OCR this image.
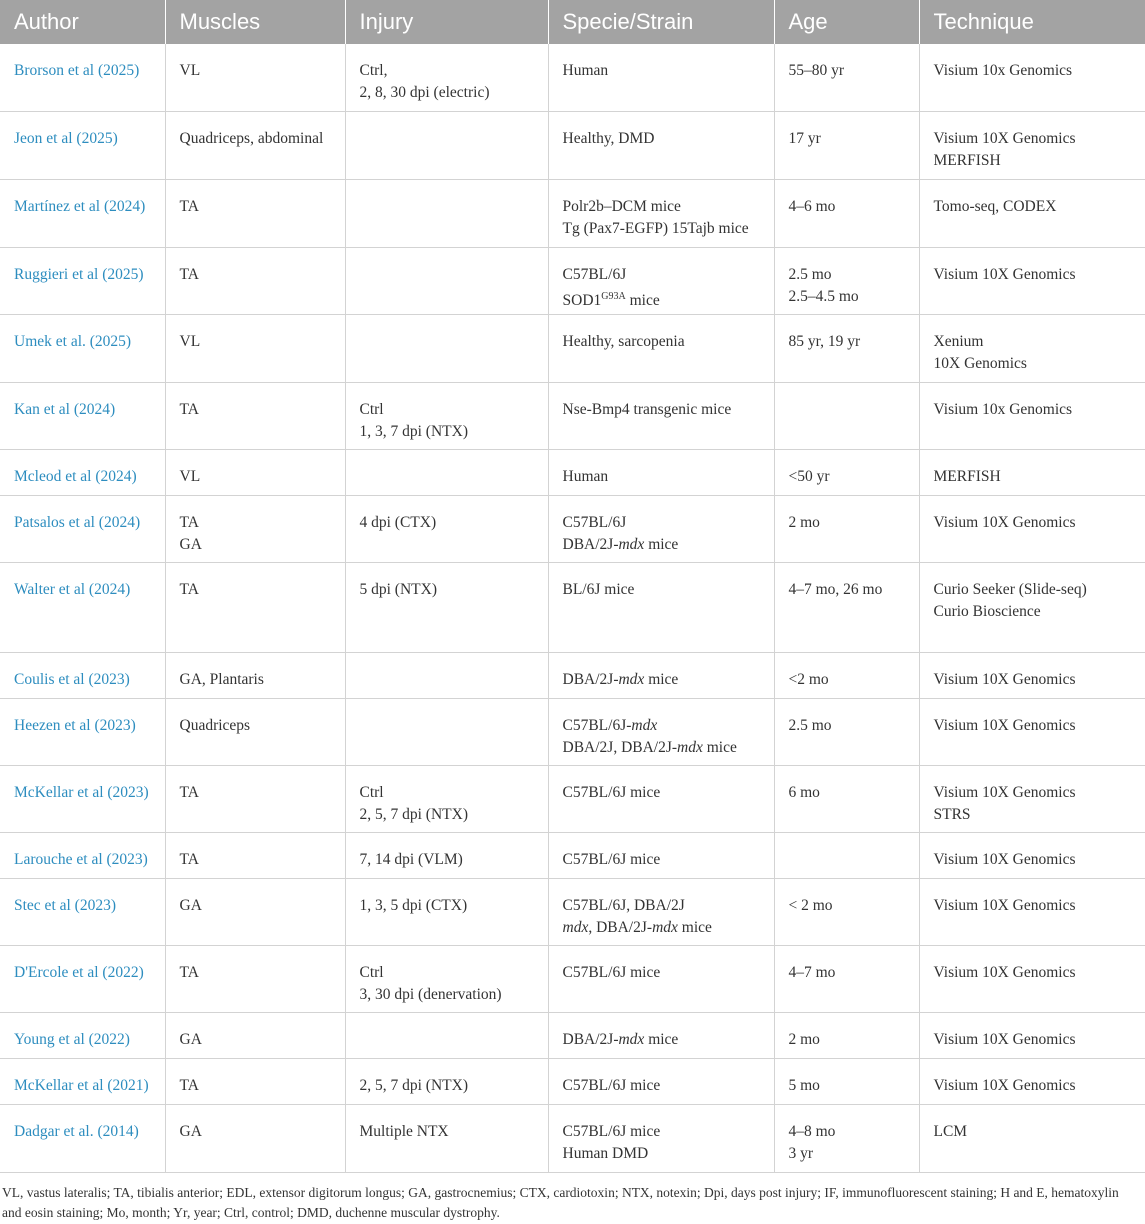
Author	Muscles	Injury	Specie/Strain	Age	Technique

Brorson et al (2025)	VL	Ctrl,
2, 8, 30 dpi (electric)	Human	55–80 yr	Visium 10x Genomics

Jeon et al (2025)	Quadriceps, abdominal		Healthy, DMD	17 yr	Visium 10X Genomics
MERFISH

Martínez et al (2024)	TA		Polr2b–DCM mice
Tg (Pax7-EGFP) 15Tajb mice	4–6 mo	Tomo-seq, CODEX

Ruggieri et al (2025)	TA		C57BL/6J
$SOD1^{G93A}$ mice	2.5 mo
2.5–4.5 mo	Visium 10X Genomics

Umek et al. (2025)	VL		Healthy, sarcopenia	85 yr, 19 yr	Xenium
10X Genomics

Kan et al (2024)	TA	Ctrl
1, 3, 7 dpi (NTX)	Nse-Bmp4 transgenic mice		Visium 10x Genomics

Mcleod et al (2024)	VL		Human	<50 yr	MERFISH

Patsalos et al (2024)	TA
GA	4 dpi (CTX)	C57BL/6J
DBA/2J-mdx mice	2 mo	Visium 10X Genomics

Walter et al (2024)	TA	5 dpi (NTX)	BL/6J mice	4–7 mo, 26 mo	Curio Seeker (Slide-seq)
Curio Bioscience

Coulis et al (2023)	GA, Plantaris		DBA/2J-mdx mice	<2 mo	Visium 10X Genomics

Heezen et al (2023)	Quadriceps		C57BL/6J-mdx
DBA/2J, DBA/2J-mdx mice	2.5 mo	Visium 10X Genomics

McKellar et al (2023)	TA	Ctrl
2, 5, 7 dpi (NTX)	C57BL/6J mice	6 mo	Visium 10X Genomics
STRS

Larouche et al (2023)	TA	7, 14 dpi (VLM)	C57BL/6J mice		Visium 10X Genomics

Stec et al (2023)	GA	1, 3, 5 dpi (CTX)	C57BL/6J, DBA/2J
mdx, DBA/2J-mdx mice	< 2 mo	Visium 10X Genomics

D'Ercole et al (2022)	TA	Ctrl
3, 30 dpi (denervation)	C57BL/6J mice	4–7 mo	Visium 10X Genomics

Young et al (2022)	GA		DBA/2J-mdx mice	2 mo	Visium 10X Genomics

McKellar et al (2021)	TA	2, 5, 7 dpi (NTX)	C57BL/6J mice	5 mo	Visium 10X Genomics

Dadgar et al. (2014)	GA	Multiple NTX	C57BL/6J mice
Human DMD	4–8 mo
3 yr	LCM
VL, vastus lateralis; TA, tibialis anterior; EDL, extensor digitorum longus; GA, gastrocnemius; CTX, cardiotoxin; NTX, notexin; Dpi, days post injury; IF, immunofluorescent staining; H and E, hematoxylin and eosin staining; Mo, month; Yr, year; Ctrl, control; DMD, duchenne muscular dystrophy.
